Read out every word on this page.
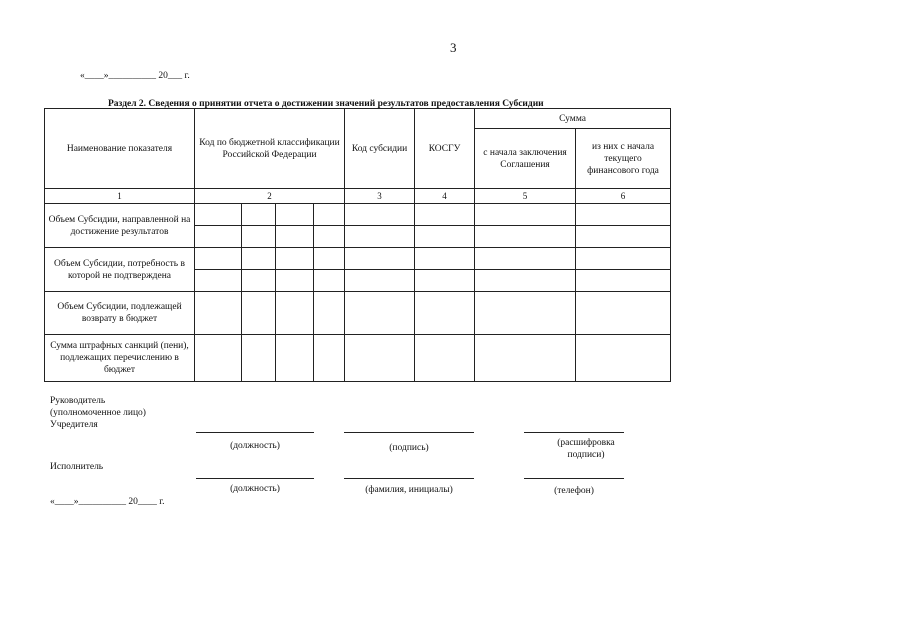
3
«____»__________ 20___ г.
Раздел 2. Сведения о принятии отчета о достижении значений результатов предоставления Субсидии
Наименование показателя	Код по бюджетной классификации Российской Федерации				Код субсидии	КОСГУ	Сумма	
							с начала заключения Соглашения	из них с начала текущего финансового года
1	2				3	4	5	6
Объем Субсидии, направленной на достижение результатов								

Объем Субсидии, потребность в которой не подтверждена								

Объем Субсидии, подлежащей возврату в бюджет								
Сумма штрафных санкций (пени), подлежащих перечислению в бюджет								
Руководитель
(уполномоченное лицо)
Учредителя
(должность)	(подпись)	(расшифровка
подписи)
Исполнитель
(должность)	(фамилия, инициалы)	(телефон)
«____»__________ 20____ г.
